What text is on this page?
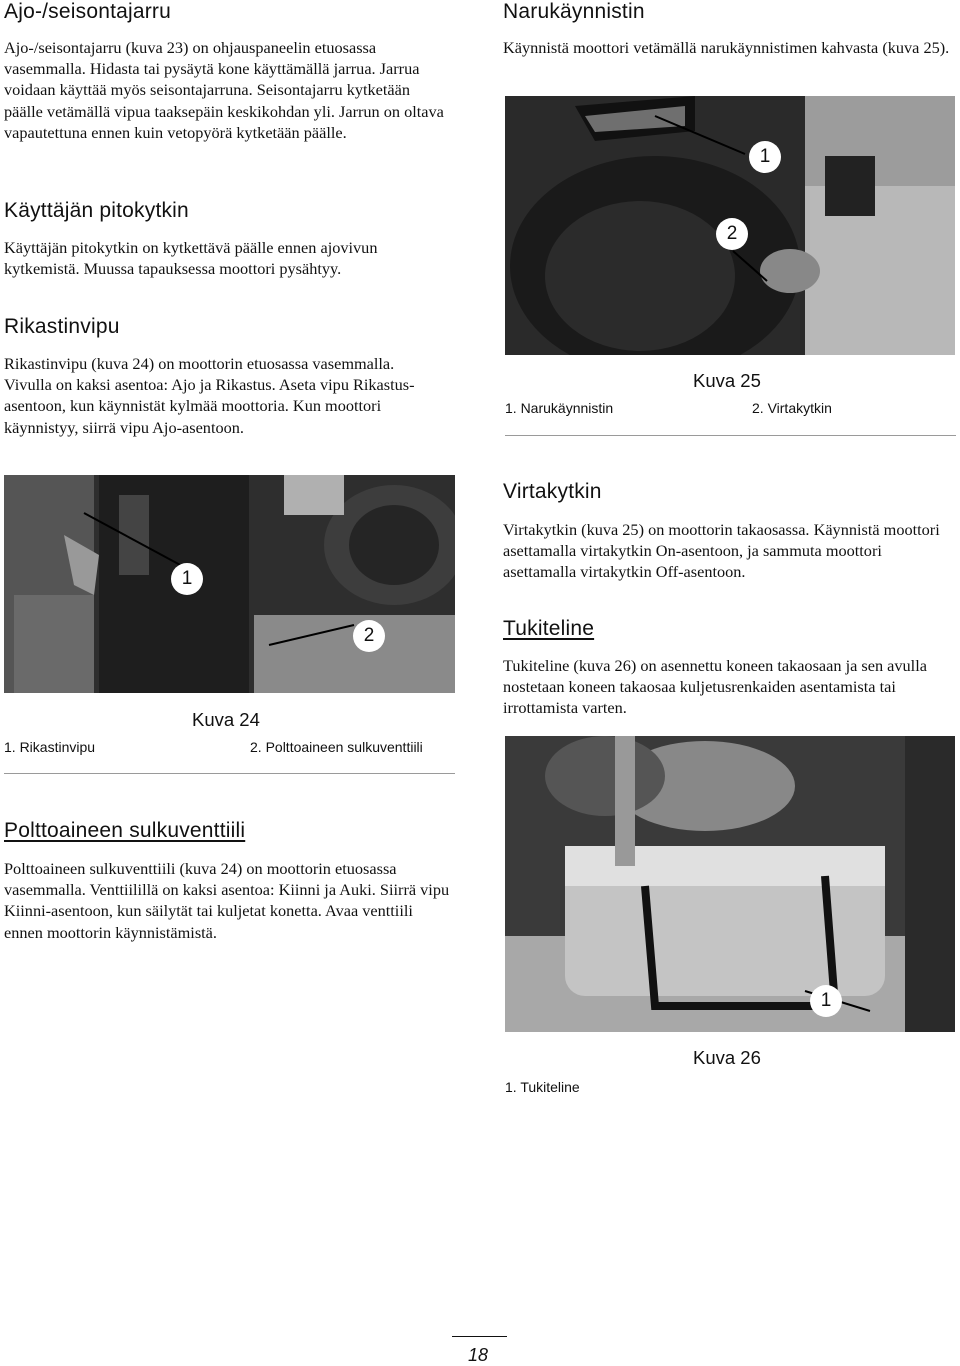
Ajo-/seisontajarru

Ajo-/seisontajarru (kuva 23) on ohjauspaneelin etuosassa vasemmalla. Hidasta tai pysäytä kone käyttämällä jarrua. Jarrua voidaan käyttää myös seisontajarruna. Seisontajarru kytketään päälle vetämällä vipua taaksepäin keskikohdan yli. Jarrun on oltava vapautettuna ennen kuin vetopyörä kytketään päälle.

Käyttäjän pitokytkin

Käyttäjän pitokytkin on kytkettävä päälle ennen ajovivun kytkemistä. Muussa tapauksessa moottori pysähtyy.

Rikastinvipu

Rikastinvipu (kuva 24) on moottorin etuosassa vasemmalla. Vivulla on kaksi asentoa: Ajo ja Rikastus. Aseta vipu Rikastus-asentoon, kun käynnistät kylmää moottoria. Kun moottori käynnistyy, siirrä vipu Ajo-asentoon.

1
2
Kuva 24
1. Rikastinvipu	2. Polttoaineen sulkuventtiili
Polttoaineen sulkuventtiili

Polttoaineen sulkuventtiili (kuva 24) on moottorin etuosassa vasemmalla. Venttiilillä on kaksi asentoa: Kiinni ja Auki. Siirrä vipu Kiinni-asentoon, kun säilytät tai kuljetat konetta. Avaa venttiili ennen moottorin käynnistämistä.

Narukäynnistin

Käynnistä moottori vetämällä narukäynnistimen kahvasta (kuva 25).

1
2
Kuva 25
1. Narukäynnistin	2. Virtakytkin
Virtakytkin

Virtakytkin (kuva 25) on moottorin takaosassa. Käynnistä moottori asettamalla virtakytkin On-asentoon, ja sammuta moottori asettamalla virtakytkin Off-asentoon.

Tukiteline

Tukiteline (kuva 26) on asennettu koneen takaosaan ja sen avulla nostetaan koneen takaosaa kuljetusrenkaiden asentamista tai irrottamista varten.

1
Kuva 26
1. Tukiteline
18
